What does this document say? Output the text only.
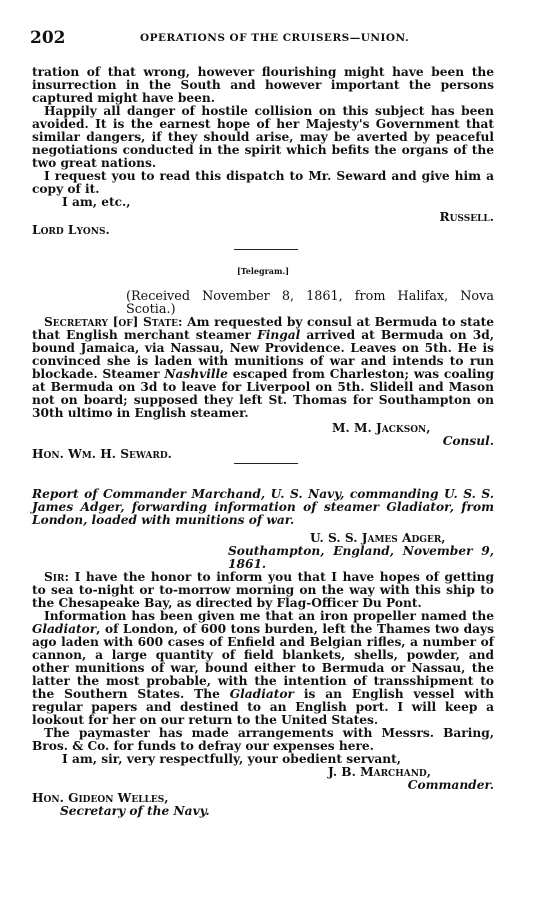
202	OPERATIONS OF THE CRUISERS—UNION.

tration of that wrong, however flourishing might have been the insurrection in the South and however important the persons captured might have been.

Happily all danger of hostile collision on this subject has been avoided. It is the earnest hope of her Majesty's Government that similar dangers, if they should arise, may be averted by peaceful negotiations conducted in the spirit which befits the organs of the two great nations.

I request you to read this dispatch to Mr. Seward and give him a copy of it.

I am, etc.,

Russell.

Lord Lyons.

[Telegram.]

(Received November 8, 1861, from Halifax, Nova Scotia.)

Secretary [of] State: Am requested by consul at Bermuda to state that English merchant steamer Fingal arrived at Bermuda on 3d, bound Jamaica, via Nassau, New Providence. Leaves on 5th. He is convinced she is laden with munitions of war and intends to run blockade. Steamer Nashville escaped from Charleston; was coaling at Bermuda on 3d to leave for Liverpool on 5th. Slidell and Mason not on board; supposed they left St. Thomas for Southampton on 30th ultimo in English steamer.

M. M. Jackson,

Consul.

Hon. Wm. H. Seward.

Report of Commander Marchand, U. S. Navy, commanding U. S. S. James Adger, forwarding information of steamer Gladiator, from London, loaded with munitions of war.

U. S. S. James Adger,

Southampton, England, November 9, 1861.

Sir: I have the honor to inform you that I have hopes of getting to sea to-night or to-morrow morning on the way with this ship to the Chesapeake Bay, as directed by Flag-Officer Du Pont.

Information has been given me that an iron propeller named the Gladiator, of London, of 600 tons burden, left the Thames two days ago laden with 600 cases of Enfield and Belgian rifles, a number of cannon, a large quantity of field blankets, shells, powder, and other munitions of war, bound either to Bermuda or Nassau, the latter the most probable, with the intention of transshipment to the Southern States. The Gladiator is an English vessel with regular papers and destined to an English port. I will keep a lookout for her on our return to the United States.

The paymaster has made arrangements with Messrs. Baring, Bros. & Co. for funds to defray our expenses here.

I am, sir, very respectfully, your obedient servant,

J. B. Marchand,

Commander.

Hon. Gideon Welles,

Secretary of the Navy.
